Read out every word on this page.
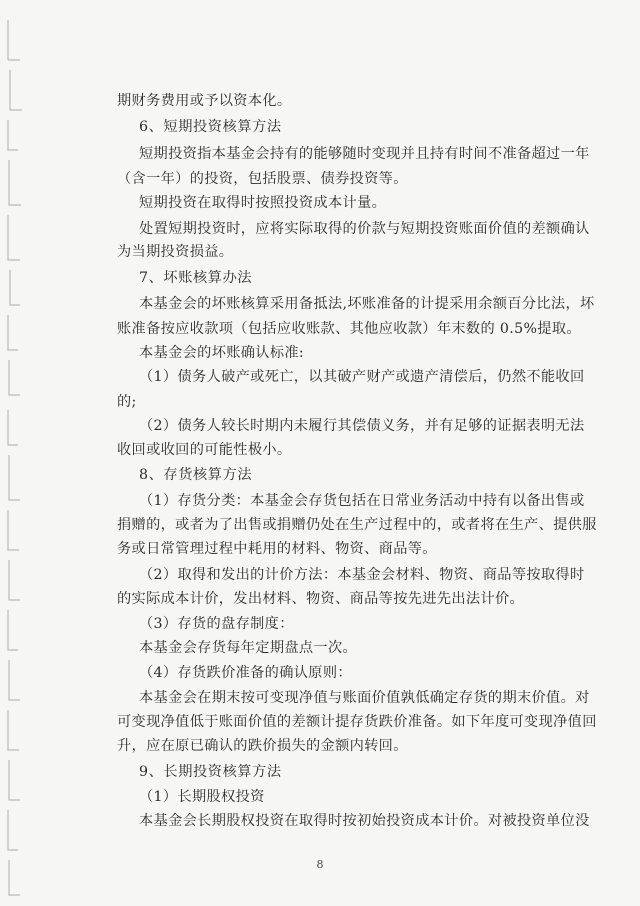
期财务费用或予以资本化。
6、短期投资核算方法
短期投资指本基金会持有的能够随时变现并且持有时间不准备超过一年
（含一年）的投资，包括股票、债券投资等。
短期投资在取得时按照投资成本计量。
处置短期投资时，应将实际取得的价款与短期投资账面价值的差额确认
为当期投资损益。
7、坏账核算办法
本基金会的坏账核算采用备抵法,坏账准备的计提采用余额百分比法，坏
账准备按应收款项（包括应收账款、其他应收款）年末数的 0.5%提取。
本基金会的坏账确认标准:
（1）债务人破产或死亡，以其破产财产或遗产清偿后，仍然不能收回
的;
（2）债务人较长时期内未履行其偿债义务，并有足够的证据表明无法
收回或收回的可能性极小。
8、存货核算方法
（1）存货分类：本基金会存货包括在日常业务活动中持有以备出售或
捐赠的，或者为了出售或捐赠仍处在生产过程中的，或者将在生产、提供服
务或日常管理过程中耗用的材料、物资、商品等。
（2）取得和发出的计价方法：本基金会材料、物资、商品等按取得时
的实际成本计价，发出材料、物资、商品等按先进先出法计价。
（3）存货的盘存制度：
本基金会存货每年定期盘点一次。
（4）存货跌价准备的确认原则：
本基金会在期末按可变现净值与账面价值孰低确定存货的期末价值。对
可变现净值低于账面价值的差额计提存货跌价准备。如下年度可变现净值回
升，应在原已确认的跌价损失的金额内转回。
9、长期投资核算方法
（1）长期股权投资
本基金会长期股权投资在取得时按初始投资成本计价。对被投资单位没
8
